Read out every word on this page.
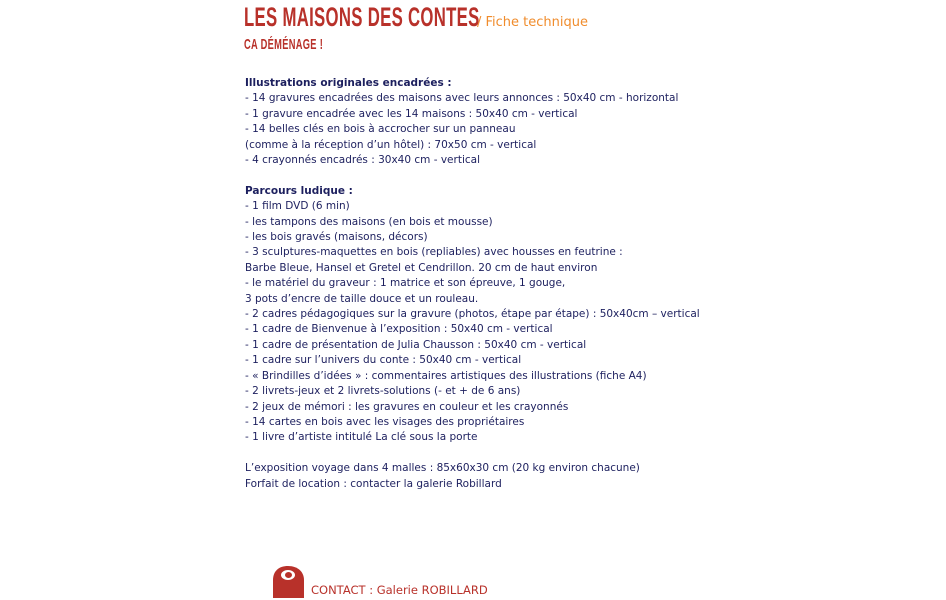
LES MAISONS DES CONTES
/ Fiche technique
CA DÉMÉNAGE !
Illustrations originales encadrées :
- 14 gravures encadrées des maisons avec leurs annonces : 50x40 cm - horizontal
- 1 gravure encadrée avec les 14 maisons : 50x40 cm - vertical
- 14 belles clés en bois à accrocher sur un panneau
(comme à la réception d’un hôtel) : 70x50 cm - vertical
- 4 crayonnés encadrés : 30x40 cm - vertical
Parcours ludique :
- 1 film DVD (6 min)
- les tampons des maisons (en bois et mousse)
- les bois gravés (maisons, décors)
- 3 sculptures-maquettes en bois (repliables) avec housses en feutrine :
Barbe Bleue, Hansel et Gretel et Cendrillon. 20 cm de haut environ
- le matériel du graveur : 1 matrice et son épreuve, 1 gouge,
3 pots d’encre de taille douce et un rouleau.
- 2 cadres pédagogiques sur la gravure (photos, étape par étape) : 50x40cm – vertical
- 1 cadre de Bienvenue à l’exposition : 50x40 cm - vertical
- 1 cadre de présentation de Julia Chausson : 50x40 cm - vertical
- 1 cadre sur l’univers du conte : 50x40 cm - vertical
- « Brindilles d’idées » : commentaires artistiques des illustrations (fiche A4)
- 2 livrets-jeux et 2 livrets-solutions (- et + de 6 ans)
- 2 jeux de mémori : les gravures en couleur et les crayonnés
- 14 cartes en bois avec les visages des propriétaires
- 1 livre d’artiste intitulé La clé sous la porte
L’exposition voyage dans 4 malles : 85x60x30 cm (20 kg environ chacune)
Forfait de location : contacter la galerie Robillard
CONTACT : Galerie ROBILLARD
